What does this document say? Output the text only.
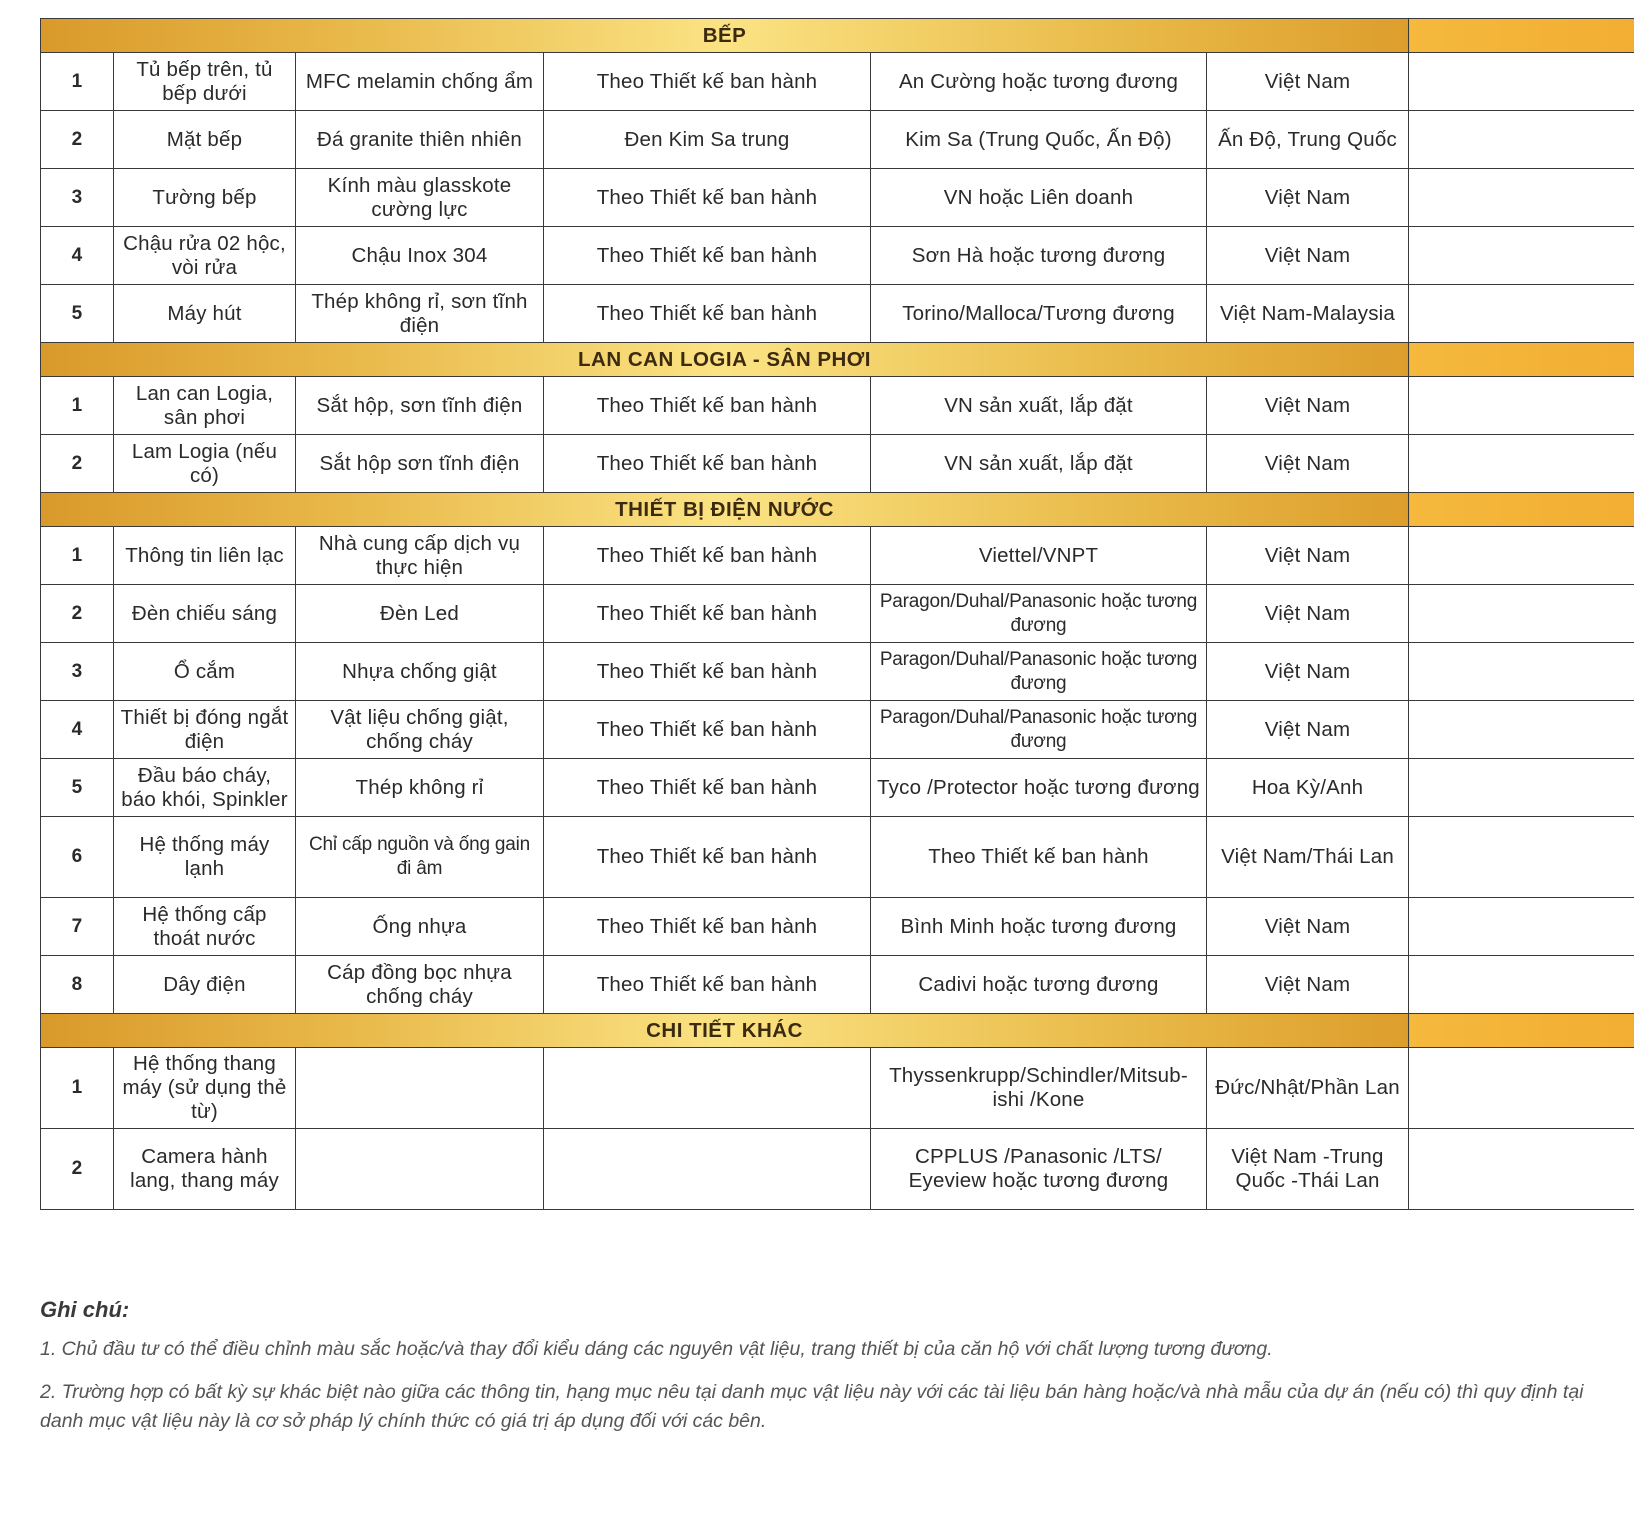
BẾP						
1	Tủ bếp trên, tủ bếp dưới	MFC melamin chống ẩm	Theo Thiết kế ban hành	An Cường hoặc tương đương	Việt Nam	
2	Mặt bếp	Đá granite thiên nhiên	Đen Kim Sa trung	Kim Sa (Trung Quốc, Ấn Độ)	Ấn Độ, Trung Quốc	
3	Tường bếp	Kính màu glasskote cường lực	Theo Thiết kế ban hành	VN hoặc Liên doanh	Việt Nam	
4	Chậu rửa 02 hộc, vòi rửa	Chậu Inox 304	Theo Thiết kế ban hành	Sơn Hà hoặc tương đương	Việt Nam	
5	Máy hút	Thép không rỉ, sơn tĩnh điện	Theo Thiết kế ban hành	Torino/Malloca/Tương đương	Việt Nam-Malaysia	
LAN CAN LOGIA - SÂN PHƠI						
1	Lan can Logia, sân phơi	Sắt hộp, sơn tĩnh điện	Theo Thiết kế ban hành	VN sản xuất, lắp đặt	Việt Nam	
2	Lam Logia (nếu có)	Sắt hộp sơn tĩnh điện	Theo Thiết kế ban hành	VN sản xuất, lắp đặt	Việt Nam	
THIẾT BỊ ĐIỆN NƯỚC						
1	Thông tin liên lạc	Nhà cung cấp dịch vụ thực hiện	Theo Thiết kế ban hành	Viettel/VNPT	Việt Nam	
2	Đèn chiếu sáng	Đèn Led	Theo Thiết kế ban hành	Paragon/Duhal/Panasonic hoặc tương đương	Việt Nam	
3	Ổ cắm	Nhựa chống giật	Theo Thiết kế ban hành	Paragon/Duhal/Panasonic hoặc tương đương	Việt Nam	
4	Thiết bị đóng ngắt điện	Vật liệu chống giật, chống cháy	Theo Thiết kế ban hành	Paragon/Duhal/Panasonic hoặc tương đương	Việt Nam	
5	Đầu báo cháy, báo khói, Spinkler	Thép không rỉ	Theo Thiết kế ban hành	Tyco /Protector hoặc tương đương	Hoa Kỳ/Anh	
6	Hệ thống máy lạnh	Chỉ cấp nguồn và ống gain đi âm	Theo Thiết kế ban hành	Theo Thiết kế ban hành	Việt Nam/Thái Lan	
7	Hệ thống cấp thoát nước	Ống nhựa	Theo Thiết kế ban hành	Bình Minh hoặc tương đương	Việt Nam	
8	Dây điện	Cáp đồng bọc nhựa chống cháy	Theo Thiết kế ban hành	Cadivi hoặc tương đương	Việt Nam	
CHI TIẾT KHÁC						
1	Hệ thống thang máy (sử dụng thẻ từ)			Thyssenkrupp/Schindler/Mitsub-ishi /Kone	Đức/Nhật/Phần Lan	
2	Camera hành lang, thang máy			CPPLUS /Panasonic /LTS/ Eyeview hoặc tương đương	Việt Nam -Trung Quốc -Thái Lan	
Ghi chú:

1. Chủ đầu tư có thể điều chỉnh màu sắc hoặc/và thay đổi kiểu dáng các nguyên vật liệu, trang thiết bị của căn hộ với chất lượng tương đương.

2. Trường hợp có bất kỳ sự khác biệt nào giữa các thông tin, hạng mục nêu tại danh mục vật liệu này với các tài liệu bán hàng hoặc/và nhà mẫu của dự án (nếu có) thì quy định tại danh mục vật liệu này là cơ sở pháp lý chính thức có giá trị áp dụng đối với các bên.
